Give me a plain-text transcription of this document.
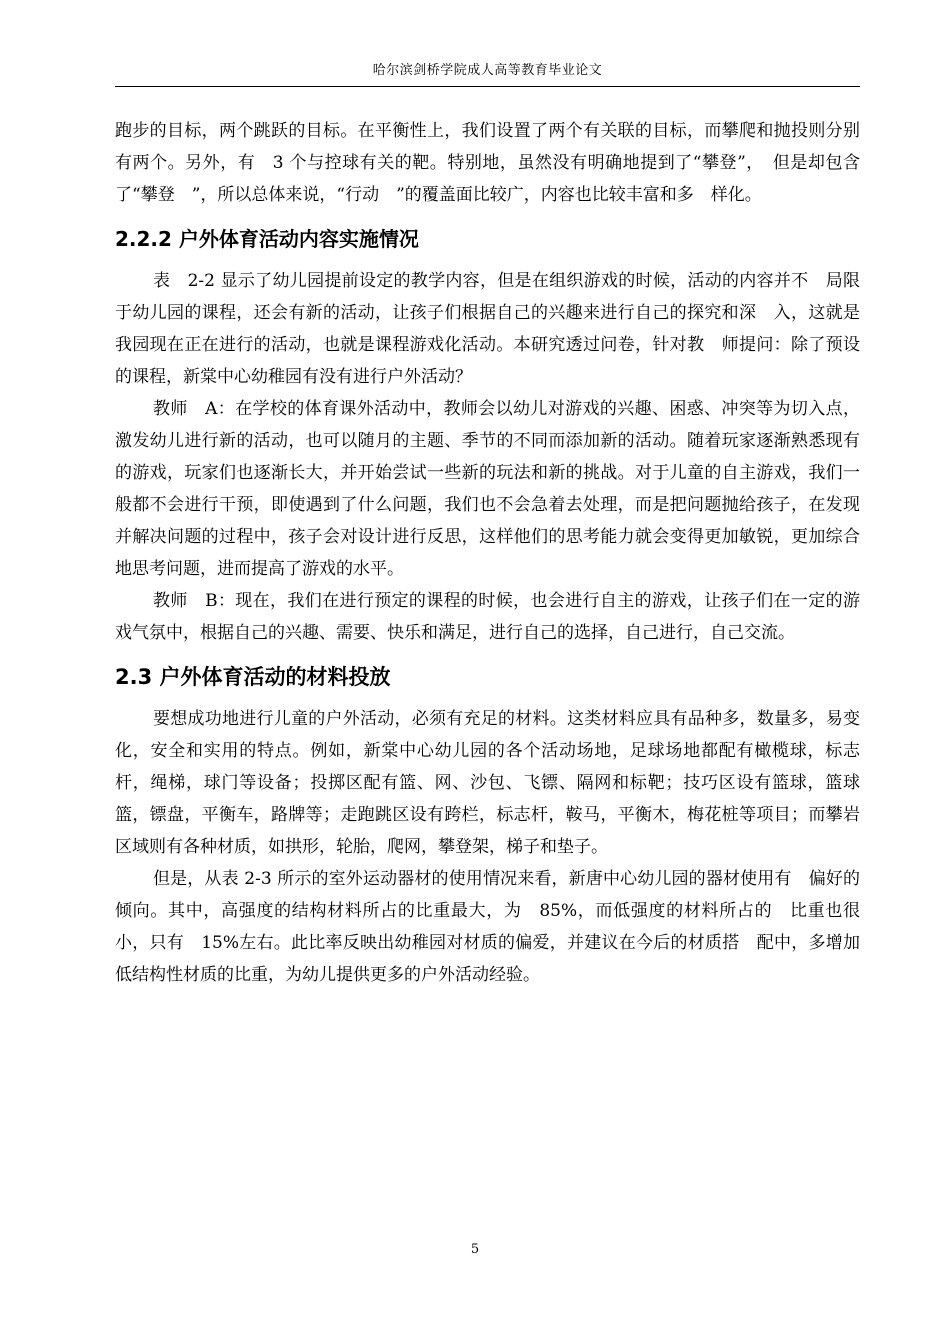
哈尔滨剑桥学院成人高等教育毕业论文

跑步的目标，两个跳跃的目标。在平衡性上，我们设置了两个有关联的目标，而攀爬和抛投则分别有两个。另外，有　3 个与控球有关的靶。特别地，虽然没有明确地提到了“攀登”，　但是却包含了“攀登　”，所以总体来说，“行动　”的覆盖面比较广，内容也比较丰富和多　样化。

2.2.2 户外体育活动内容实施情况

表　2-2 显示了幼儿园提前设定的教学内容，但是在组织游戏的时候，活动的内容并不　局限于幼儿园的课程，还会有新的活动，让孩子们根据自己的兴趣来进行自己的探究和深　入，这就是我园现在正在进行的活动，也就是课程游戏化活动。本研究透过问卷，针对教　师提问：除了预设的课程，新棠中心幼稚园有没有进行户外活动？

教师　A：在学校的体育课外活动中，教师会以幼儿对游戏的兴趣、困惑、冲突等为切入点，激发幼儿进行新的活动，也可以随月的主题、季节的不同而添加新的活动。随着玩家逐渐熟悉现有的游戏，玩家们也逐渐长大，并开始尝试一些新的玩法和新的挑战。对于儿童的自主游戏，我们一般都不会进行干预，即使遇到了什么问题，我们也不会急着去处理，而是把问题抛给孩子，在发现并解决问题的过程中，孩子会对设计进行反思，这样他们的思考能力就会变得更加敏锐，更加综合地思考问题，进而提高了游戏的水平。

教师　B：现在，我们在进行预定的课程的时候，也会进行自主的游戏，让孩子们在一定的游戏气氛中，根据自己的兴趣、需要、快乐和满足，进行自己的选择，自己进行，自己交流。

2.3 户外体育活动的材料投放

要想成功地进行儿童的户外活动，必须有充足的材料。这类材料应具有品种多，数量多，易变化，安全和实用的特点。例如，新棠中心幼儿园的各个活动场地，足球场地都配有橄榄球，标志杆，绳梯，球门等设备；投掷区配有篮、网、沙包、飞镖、隔网和标靶；技巧区设有篮球，篮球篮，镖盘，平衡车，路牌等；走跑跳区设有跨栏，标志杆，鞍马，平衡木，梅花桩等项目；而攀岩区域则有各种材质，如拱形，轮胎，爬网，攀登架，梯子和垫子。

但是，从表 2-3 所示的室外运动器材的使用情况来看，新唐中心幼儿园的器材使用有　偏好的倾向。其中，高强度的结构材料所占的比重最大，为　85%，而低强度的材料所占的　比重也很小，只有　15%左右。此比率反映出幼稚园对材质的偏爱，并建议在今后的材质搭　配中，多增加低结构性材质的比重，为幼儿提供更多的户外活动经验。

5
